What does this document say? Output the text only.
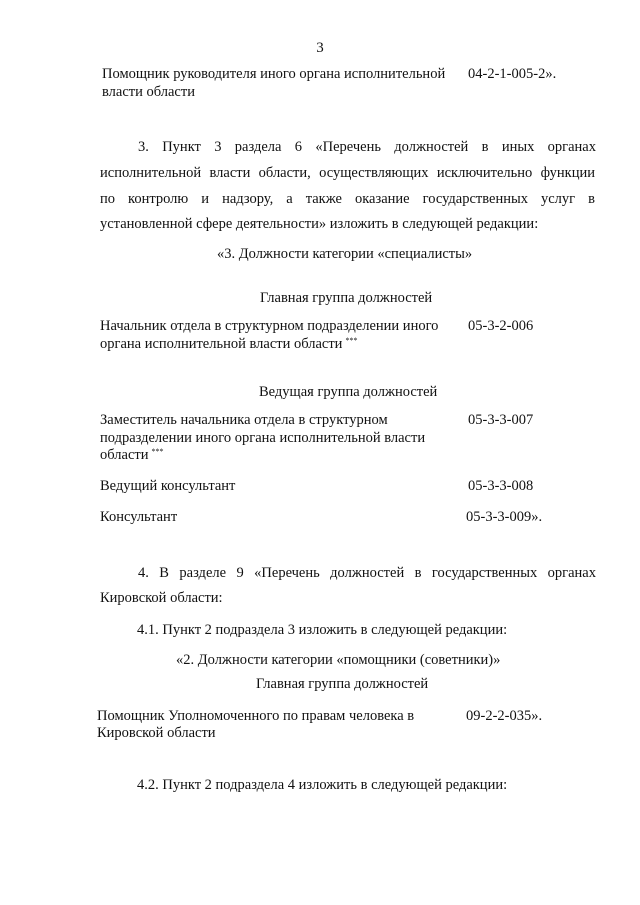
3
Помощник руководителя иного органа исполнительной 04-2-1-005-2».
власти области
3. Пункт 3 раздела 6 «Перечень должностей в иных органах
исполнительной власти области, осуществляющих исключительно функции
по контролю и надзору, а также оказание государственных услуг в
установленной сфере деятельности» изложить в следующей редакции:
«3. Должности категории «специалисты»
Главная группа должностей
Начальник отдела в структурном подразделении иного 05-3-2-006
органа исполнительной власти области ***
Ведущая группа должностей
Заместитель начальника отдела в структурном	05-3-3-007
подразделении иного органа исполнительной власти
области ***
Ведущий консультант	05-3-3-008
Консультант	05-3-3-009».
4. В разделе 9 «Перечень должностей в государственных органах
Кировской области:
4.1. Пункт 2 подраздела 3 изложить в следующей редакции:
«2. Должности категории «помощники (советники)»
Главная группа должностей
Помощник Уполномоченного по правам человека в	09-2-2-035».
Кировской области
4.2. Пункт 2 подраздела 4 изложить в следующей редакции:
